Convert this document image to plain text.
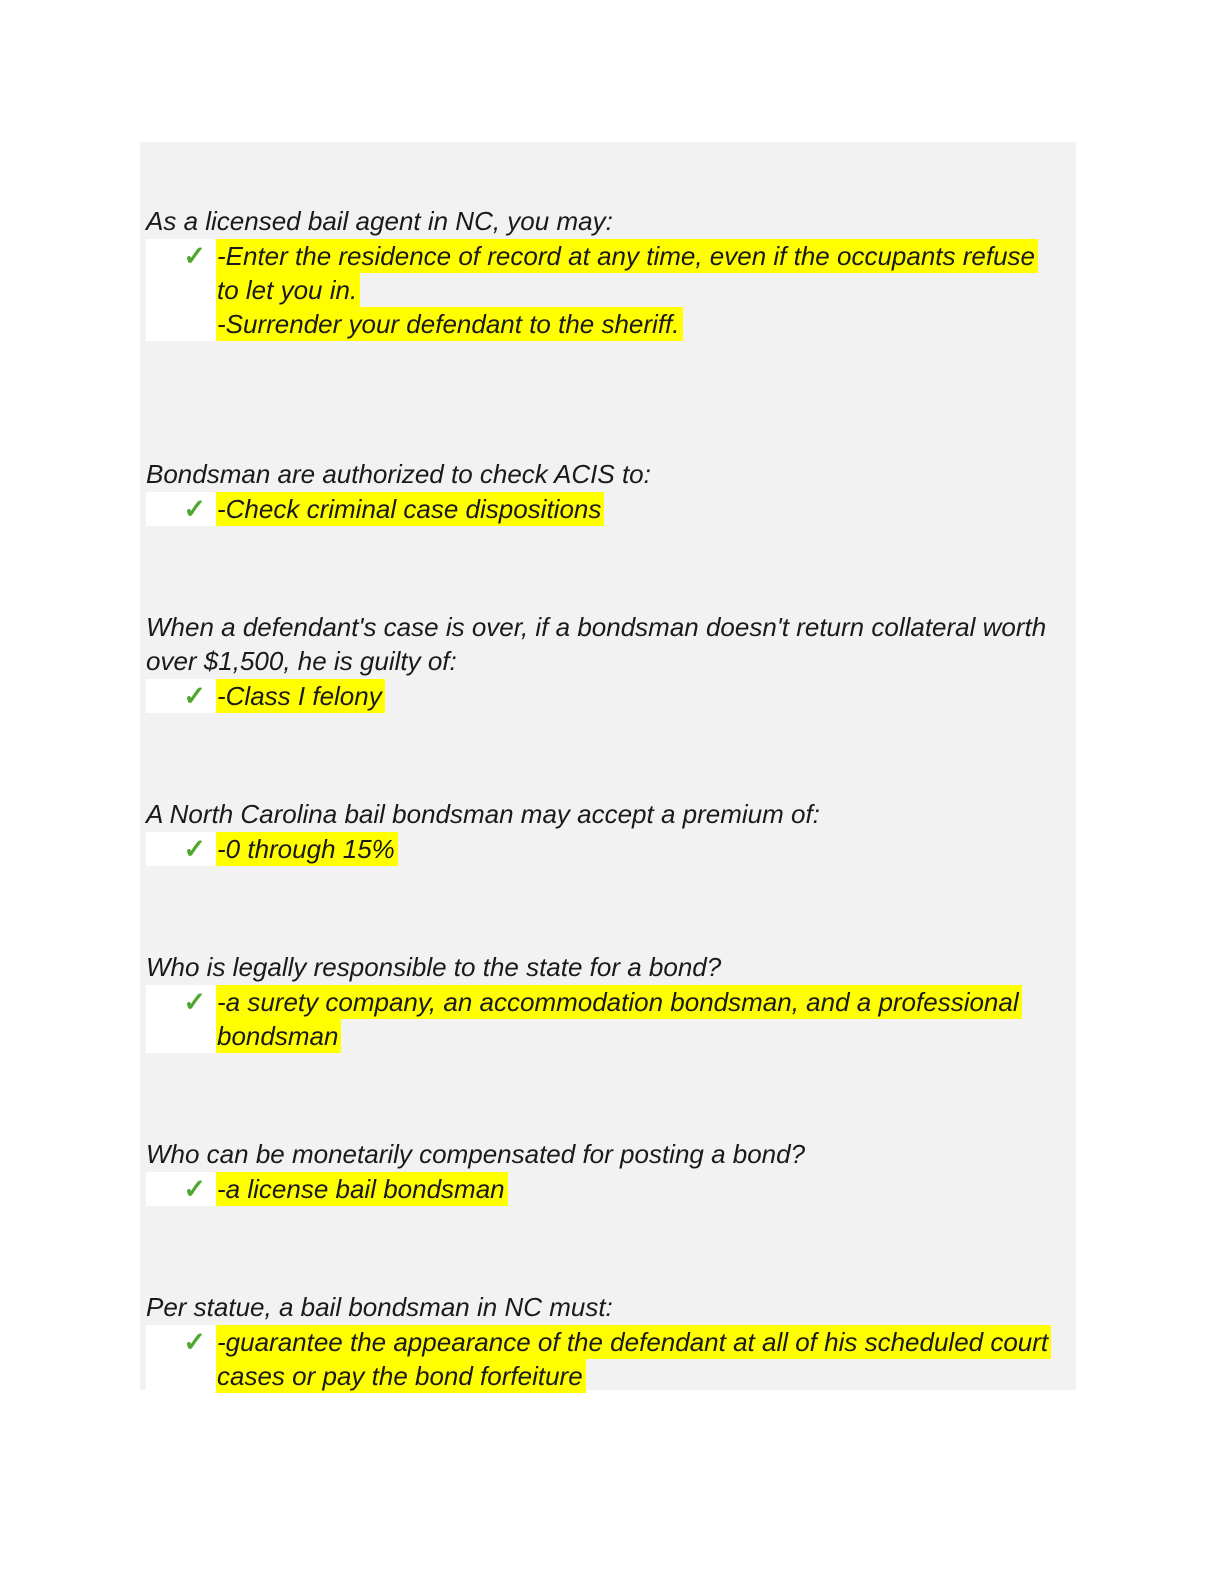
As a licensed bail agent in NC, you may:

✓ -Enter the residence of record at any time, even if the occupants refuse to let you in.
-Surrender your defendant to the sheriff.

Bondsman are authorized to check ACIS to:

✓ -Check criminal case dispositions

When a defendant's case is over, if a bondsman doesn't return collateral worth over $1,500, he is guilty of:

✓ -Class I felony

A North Carolina bail bondsman may accept a premium of:

✓ -0 through 15%

Who is legally responsible to the state for a bond?

✓ -a surety company, an accommodation bondsman, and a professional bondsman

Who can be monetarily compensated for posting a bond?

✓ -a license bail bondsman

Per statue, a bail bondsman in NC must:

✓ -guarantee the appearance of the defendant at all of his scheduled court cases or pay the bond forfeiture
